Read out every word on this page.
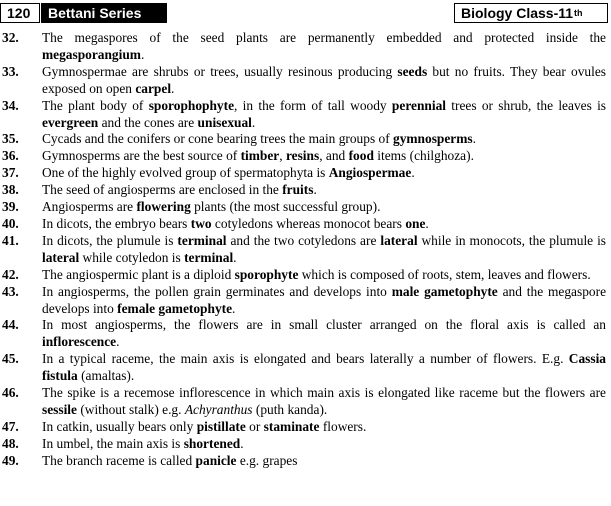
120	Bettani Series	Biology Class-11 th
32.	The megaspores of the seed plants are permanently embedded and protected inside the megasporangium.
33.	Gymnospermae are shrubs or trees, usually resinous producing seeds but no fruits. They bear ovules exposed on open carpel.
34.	The plant body of sporophophyte, in the form of tall woody perennial trees or shrub, the leaves is evergreen and the cones are unisexual.
35.	Cycads and the conifers or cone bearing trees the main groups of gymnosperms.
36.	Gymnosperms are the best source of timber, resins, and food items (chilghoza).
37.	One of the highly evolved group of spermatophyta is Angiospermae.
38.	The seed of angiosperms are enclosed in the fruits.
39.	Angiosperms are flowering plants (the most successful group).
40.	In dicots, the embryo bears two cotyledons whereas monocot bears one.
41.	In dicots, the plumule is terminal and the two cotyledons are lateral while in monocots, the plumule is lateral while cotyledon is terminal.
42.	The angiospermic plant is a diploid sporophyte which is composed of roots, stem, leaves and flowers.
43.	In angiosperms, the pollen grain germinates and develops into male gametophyte and the megaspore develops into female gametophyte.
44.	In most angiosperms, the flowers are in small cluster arranged on the floral axis is called an inflorescence.
45.	In a typical raceme, the main axis is elongated and bears laterally a number of flowers. E.g. Cassia fistula (amaltas).
46.	The spike is a recemose inflorescence in which main axis is elongated like raceme but the flowers are sessile (without stalk) e.g. Achyranthus (puth kanda).
47.	In catkin, usually bears only pistillate or staminate flowers.
48.	In umbel, the main axis is shortened.
49.	The branch raceme is called panicle e.g. grapes
